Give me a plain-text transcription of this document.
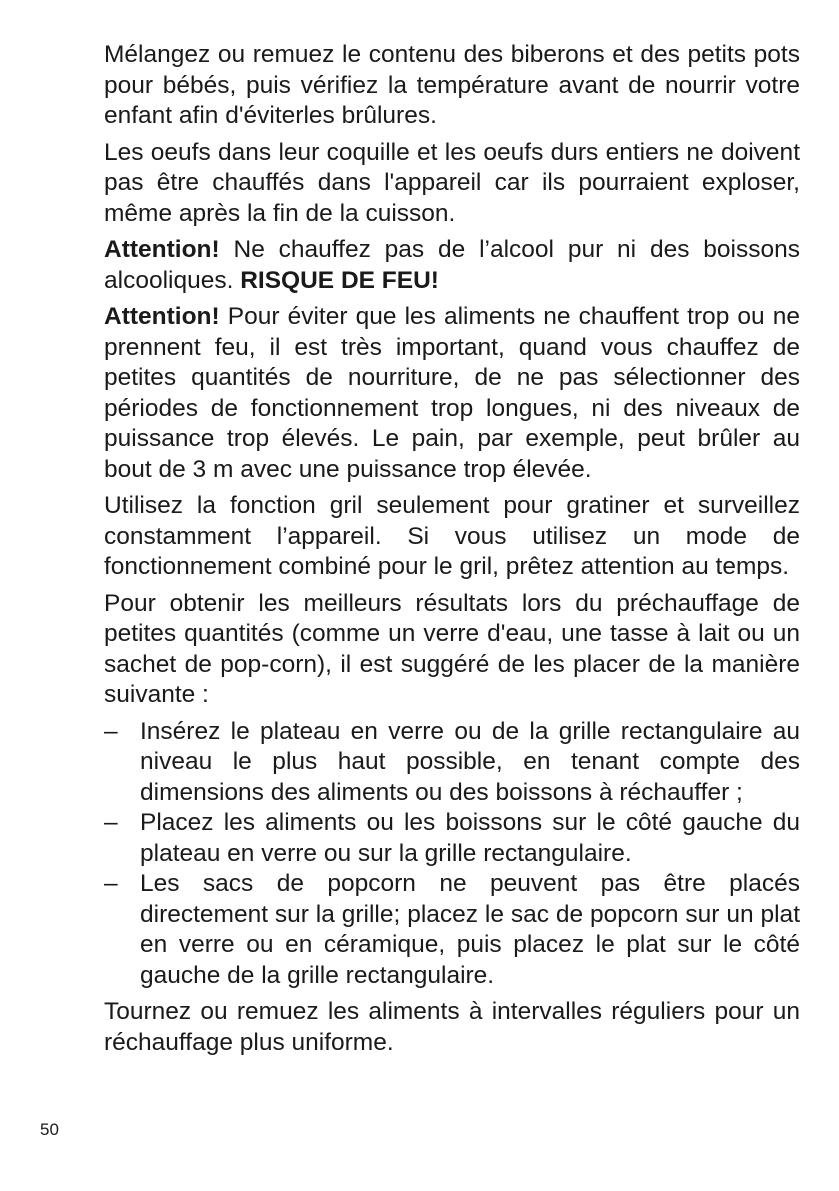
Mélangez ou remuez le contenu des biberons et des petits pots pour bébés, puis vérifiez la température avant de nourrir votre enfant afin d'éviterles brûlures.

Les oeufs dans leur coquille et les oeufs durs entiers ne doivent pas être chauffés dans l'appareil car ils pourraient exploser, même après la fin de la cuisson.

Attention! Ne chauffez pas de l’alcool pur ni des boissons alcooliques. RISQUE DE FEU!

Attention! Pour éviter que les aliments ne chauffent trop ou ne prennent feu, il est très important, quand vous chauffez de petites quantités de nourriture, de ne pas sélectionner des périodes de fonctionnement trop longues, ni des niveaux de puissance trop élevés. Le pain, par exemple, peut brûler au bout de 3 m avec une puissance trop élevée.

Utilisez la fonction gril seulement pour gratiner et surveillez constamment l’appareil. Si vous utilisez un mode de fonctionnement combiné pour le gril, prêtez attention au temps.

Pour obtenir les meilleurs résultats lors du préchauffage de petites quantités (comme un verre d'eau, une tasse à lait ou un sachet de pop-corn), il est suggéré de les placer de la manière suivante :

– Insérez le plateau en verre ou de la grille rectangulaire au niveau le plus haut possible, en tenant compte des dimensions des aliments ou des boissons à réchauffer ;
– Placez les aliments ou les boissons sur le côté gauche du plateau en verre ou sur la grille rectangulaire.
– Les sacs de popcorn ne peuvent pas être placés directement sur la grille; placez le sac de popcorn sur un plat en verre ou en céramique, puis placez le plat sur le côté gauche de la grille rectangulaire.

Tournez ou remuez les aliments à intervalles réguliers pour un réchauffage plus uniforme.

50
